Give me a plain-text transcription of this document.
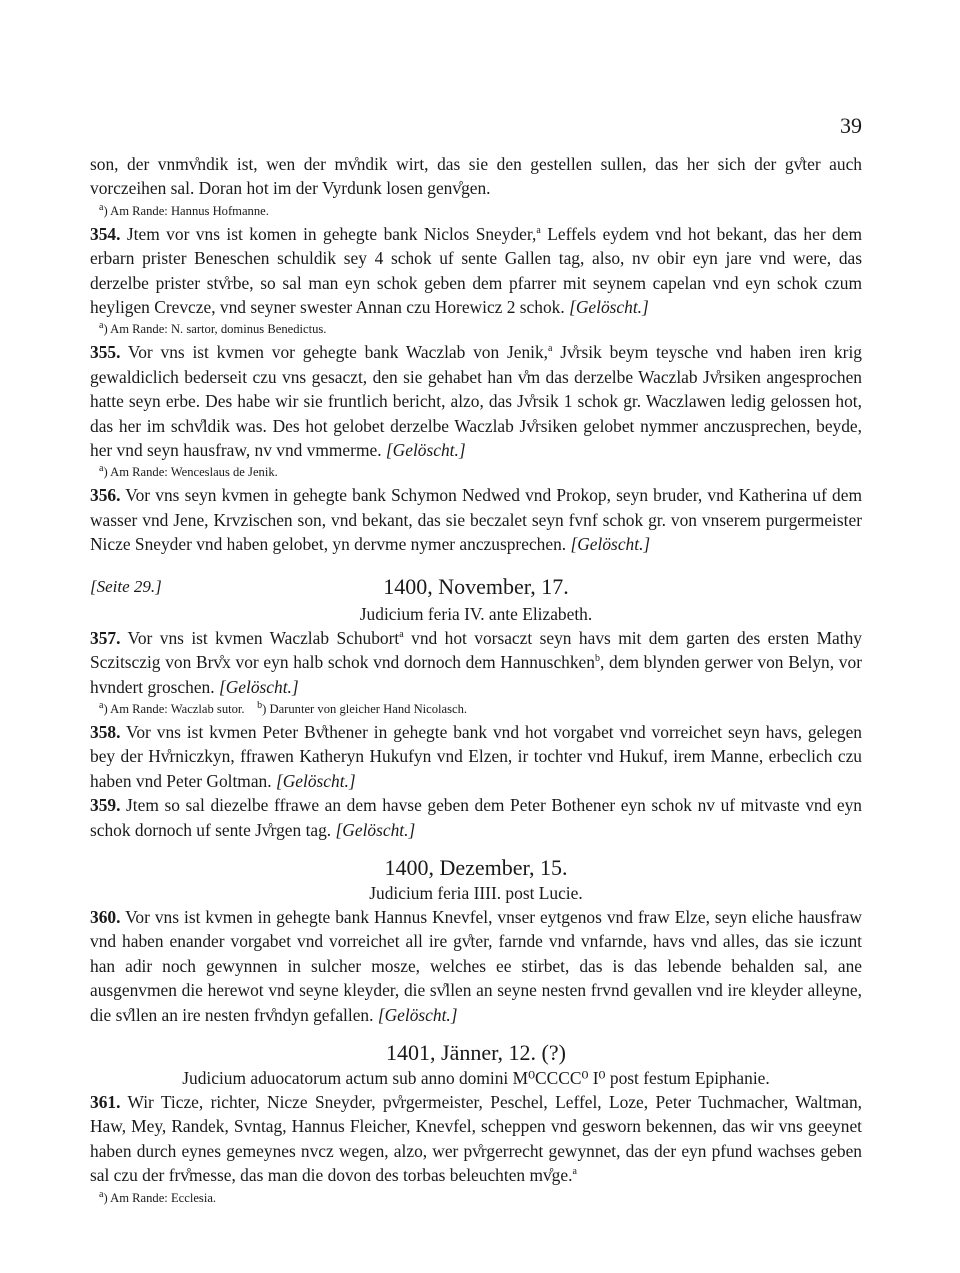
39

son, der vnmv̊ndik ist, wen der mv̊ndik wirt, das sie den gestellen sullen, das her sich der gv̊ter auch vorczeihen sal. Doran hot im der Vyrdunk losen genv̊gen.

$^a$) Am Rande: Hannus Hofmanne.

354. Jtem vor vns ist komen in gehegte bank Niclos Sneyder,$^a$ Leffels eydem vnd hot bekant, das her dem erbarn prister Beneschen schuldik sey 4 schok uf sente Gallen tag, also, nv obir eyn jare vnd were, das derzelbe prister stv̊rbe, so sal man eyn schok geben dem pfarrer mit seynem capelan vnd eyn schok czum heyligen Crevcze, vnd seyner swester Annan czu Horewicz 2 schok. [Gelöscht.]

$^a$) Am Rande: N. sartor, dominus Benedictus.

355. Vor vns ist kvmen vor gehegte bank Waczlab von Jenik,$^a$ Jv̊rsik beym teysche vnd haben iren krig gewaldiclich bederseit czu vns gesaczt, den sie gehabet han v̊m das derzelbe Waczlab Jv̊rsiken angesprochen hatte seyn erbe. Des habe wir sie fruntlich bericht, alzo, das Jv̊rsik 1 schok gr. Waczlawen ledig gelossen hot, das her im schv̊ldik was. Des hot gelobet derzelbe Waczlab Jv̊rsiken gelobet nymmer anczusprechen, beyde, her vnd seyn hausfraw, nv vnd vmmerme. [Gelöscht.]

$^a$) Am Rande: Wenceslaus de Jenik.

356. Vor vns seyn kvmen in gehegte bank Schymon Nedwed vnd Prokop, seyn bruder, vnd Katherina uf dem wasser vnd Jene, Krvzischen son, vnd bekant, das sie beczalet seyn fvnf schok gr. von vnserem purgermeister Nicze Sneyder vnd haben gelobet, yn dervme nymer anczusprechen. [Gelöscht.]

[Seite 29.]	1400, November, 17.

Judicium feria IV. ante Elizabeth.

357. Vor vns ist kvmen Waczlab Schubort$^a$ vnd hot vorsaczt seyn havs mit dem garten des ersten Mathy Sczitsczig von Brv̊x vor eyn halb schok vnd dornoch dem Hannuschken$^b$, dem blynden gerwer von Belyn, vor hvndert groschen. [Gelöscht.]

$^a$) Am Rande: Waczlab sutor. $^b$) Darunter von gleicher Hand Nicolasch.

358. Vor vns ist kvmen Peter Bv̊thener in gehegte bank vnd hot vorgabet vnd vorreichet seyn havs, gelegen bey der Hv̊rniczkyn, ffrawen Katheryn Hukufyn vnd Elzen, ir tochter vnd Hukuf, irem Manne, erbeclich czu haben vnd Peter Goltman. [Gelöscht.]

359. Jtem so sal diezelbe ffrawe an dem havse geben dem Peter Bothener eyn schok nv uf mitvaste vnd eyn schok dornoch uf sente Jv̊rgen tag. [Gelöscht.]

1400, Dezember, 15.

Judicium feria IIII. post Lucie.

360. Vor vns ist kvmen in gehegte bank Hannus Knevfel, vnser eytgenos vnd fraw Elze, seyn eliche hausfraw vnd haben enander vorgabet vnd vorreichet all ire gv̊ter, farnde vnd vnfarnde, havs vnd alles, das sie iczunt han adir noch gewynnen in sulcher mosze, welches ee stirbet, das is das lebende behalden sal, ane ausgenvmen die herewot vnd seyne kleyder, die sv̊llen an seyne nesten frvnd gevallen vnd ire kleyder alleyne, die sv̊llen an ire nesten frv̊ndyn gefallen. [Gelöscht.]

1401, Jänner, 12. (?)

Judicium aduocatorum actum sub anno domini M⁰CCCC⁰ I⁰ post festum Epiphanie.

361. Wir Ticze, richter, Nicze Sneyder, pv̊rgermeister, Peschel, Leffel, Loze, Peter Tuchmacher, Waltman, Haw, Mey, Randek, Svntag, Hannus Fleicher, Knevfel, scheppen vnd gesworn bekennen, das wir vns geeynet haben durch eynes gemeynes nvcz wegen, alzo, wer pv̊rgerrecht gewynnet, das der eyn pfund wachses geben sal czu der frv̊messe, das man die dovon des torbas beleuchten mv̊ge.$^a$

$^a$) Am Rande: Ecclesia.
